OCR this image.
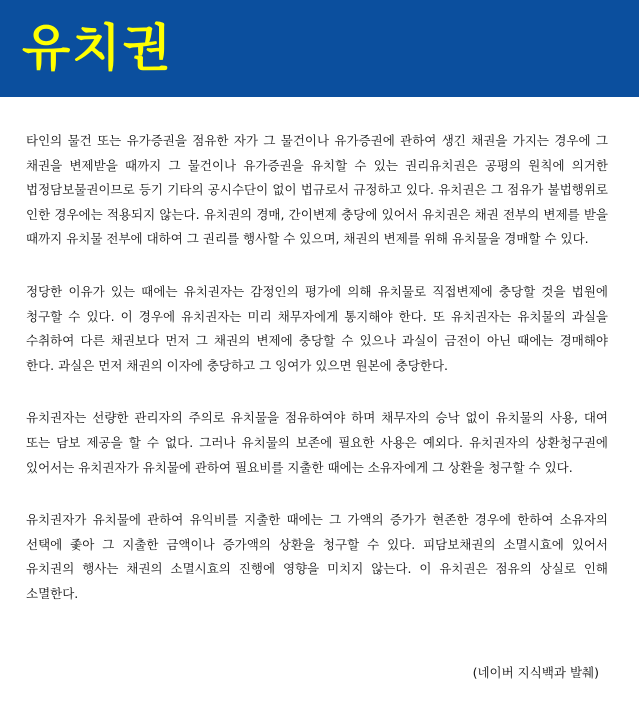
유치권

타인의 물건 또는 유가증권을 점유한 자가 그 물건이나 유가증권에 관하여 생긴 채권을 가지는 경우에 그 채권을 변제받을 때까지 그 물건이나 유가증권을 유치할 수 있는 권리유치권은 공평의 원칙에 의거한 법정담보물권이므로 등기 기타의 공시수단이 없이 법규로서 규정하고 있다. 유치권은 그 점유가 불법행위로 인한 경우에는 적용되지 않는다. 유치권의 경매, 간이변제 충당에 있어서 유치권은 채권 전부의 변제를 받을 때까지 유치물 전부에 대하여 그 권리를 행사할 수 있으며, 채권의 변제를 위해 유치물을 경매할 수 있다.

정당한 이유가 있는 때에는 유치권자는 감정인의 평가에 의해 유치물로 직접변제에 충당할 것을 법원에 청구할 수 있다. 이 경우에 유치권자는 미리 채무자에게 통지해야 한다. 또 유치권자는 유치물의 과실을 수취하여 다른 채권보다 먼저 그 채권의 변제에 충당할 수 있으나 과실이 금전이 아닌 때에는 경매해야 한다. 과실은 먼저 채권의 이자에 충당하고 그 잉여가 있으면 원본에 충당한다.

유치권자는 선량한 관리자의 주의로 유치물을 점유하여야 하며 채무자의 승낙 없이 유치물의 사용, 대여 또는 담보 제공을 할 수 없다. 그러나 유치물의 보존에 필요한 사용은 예외다. 유치권자의 상환청구권에 있어서는 유치권자가 유치물에 관하여 필요비를 지출한 때에는 소유자에게 그 상환을 청구할 수 있다.

유치권자가 유치물에 관하여 유익비를 지출한 때에는 그 가액의 증가가 현존한 경우에 한하여 소유자의 선택에 좇아 그 지출한 금액이나 증가액의 상환을 청구할 수 있다. 피담보채권의 소멸시효에 있어서 유치권의 행사는 채권의 소멸시효의 진행에 영향을 미치지 않는다. 이 유치권은 점유의 상실로 인해 소멸한다.

(네이버 지식백과 발췌)
